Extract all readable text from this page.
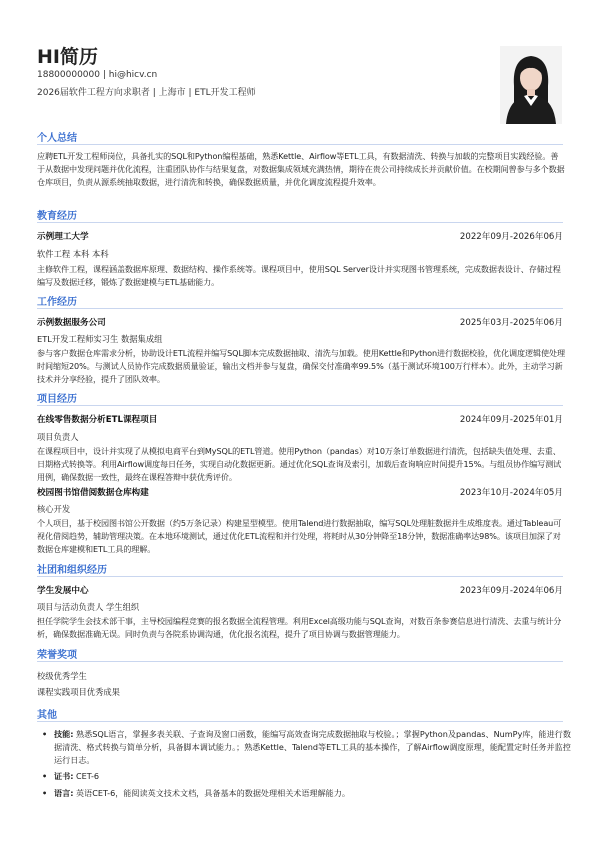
HI简历
18800000000 | hi@hicv.cn
2026届软件工程方向求职者 | 上海市 | ETL开发工程师
个人总结
应聘ETL开发工程师岗位，具备扎实的SQL和Python编程基础，熟悉Kettle、Airflow等ETL工具，有数据清洗、转换与加载的完整项目实践经验。善于从数据中发现问题并优化流程，注重团队协作与结果复盘，对数据集成领域充满热情，期待在贵公司持续成长并贡献价值。在校期间曾参与多个数据仓库项目，负责从源系统抽取数据，进行清洗和转换，确保数据质量，并优化调度流程提升效率。
教育经历
示例理工大学	2022年09月-2026年06月
软件工程 本科 本科
主修软件工程，课程涵盖数据库原理、数据结构、操作系统等。课程项目中，使用SQL Server设计并实现图书管理系统，完成数据表设计、存储过程编写及数据迁移，锻炼了数据建模与ETL基础能力。
工作经历
示例数据服务公司	2025年03月-2025年06月
ETL开发工程师实习生 数据集成组
参与客户数据仓库需求分析，协助设计ETL流程并编写SQL脚本完成数据抽取、清洗与加载。使用Kettle和Python进行数据校验，优化调度逻辑使处理时间缩短20%。与测试人员协作完成数据质量验证，输出文档并参与复盘，确保交付准确率99.5%（基于测试环境100万行样本）。此外，主动学习新技术并分享经验，提升了团队效率。
项目经历
在线零售数据分析ETL课程项目	2024年09月-2025年01月
项目负责人
在课程项目中，设计并实现了从模拟电商平台到MySQL的ETL管道。使用Python（pandas）对10万条订单数据进行清洗，包括缺失值处理、去重、日期格式转换等。利用Airflow调度每日任务，实现自动化数据更新。通过优化SQL查询及索引，加载后查询响应时间提升15%。与组员协作编写测试用例，确保数据一致性，最终在课程答辩中获优秀评价。
校园图书馆借阅数据仓库构建	2023年10月-2024年05月
核心开发
个人项目，基于校园图书馆公开数据（约5万条记录）构建星型模型。使用Talend进行数据抽取，编写SQL处理脏数据并生成维度表。通过Tableau可视化借阅趋势，辅助管理决策。在本地环境测试，通过优化ETL流程和并行处理，将耗时从30分钟降至18分钟，数据准确率达98%。该项目加深了对数据仓库建模和ETL工具的理解。
社团和组织经历
学生发展中心	2023年09月-2024年06月
项目与活动负责人 学生组织
担任学院学生会技术部干事，主导校园编程竞赛的报名数据全流程管理。利用Excel高级功能与SQL查询，对数百条参赛信息进行清洗、去重与统计分析，确保数据准确无误。同时负责与各院系协调沟通，优化报名流程，提升了项目协调与数据管理能力。
荣誉奖项
校级优秀学生
课程实践项目优秀成果
其他
• 技能: 熟悉SQL语言，掌握多表关联、子查询及窗口函数，能编写高效查询完成数据抽取与校验。；掌握Python及pandas、NumPy库，能进行数据清洗、格式转换与简单分析，具备脚本调试能力。；熟悉Kettle、Talend等ETL工具的基本操作，了解Airflow调度原理，能配置定时任务并监控运行日志。
• 证书: CET-6
• 语言: 英语CET-6，能阅读英文技术文档，具备基本的数据处理相关术语理解能力。
